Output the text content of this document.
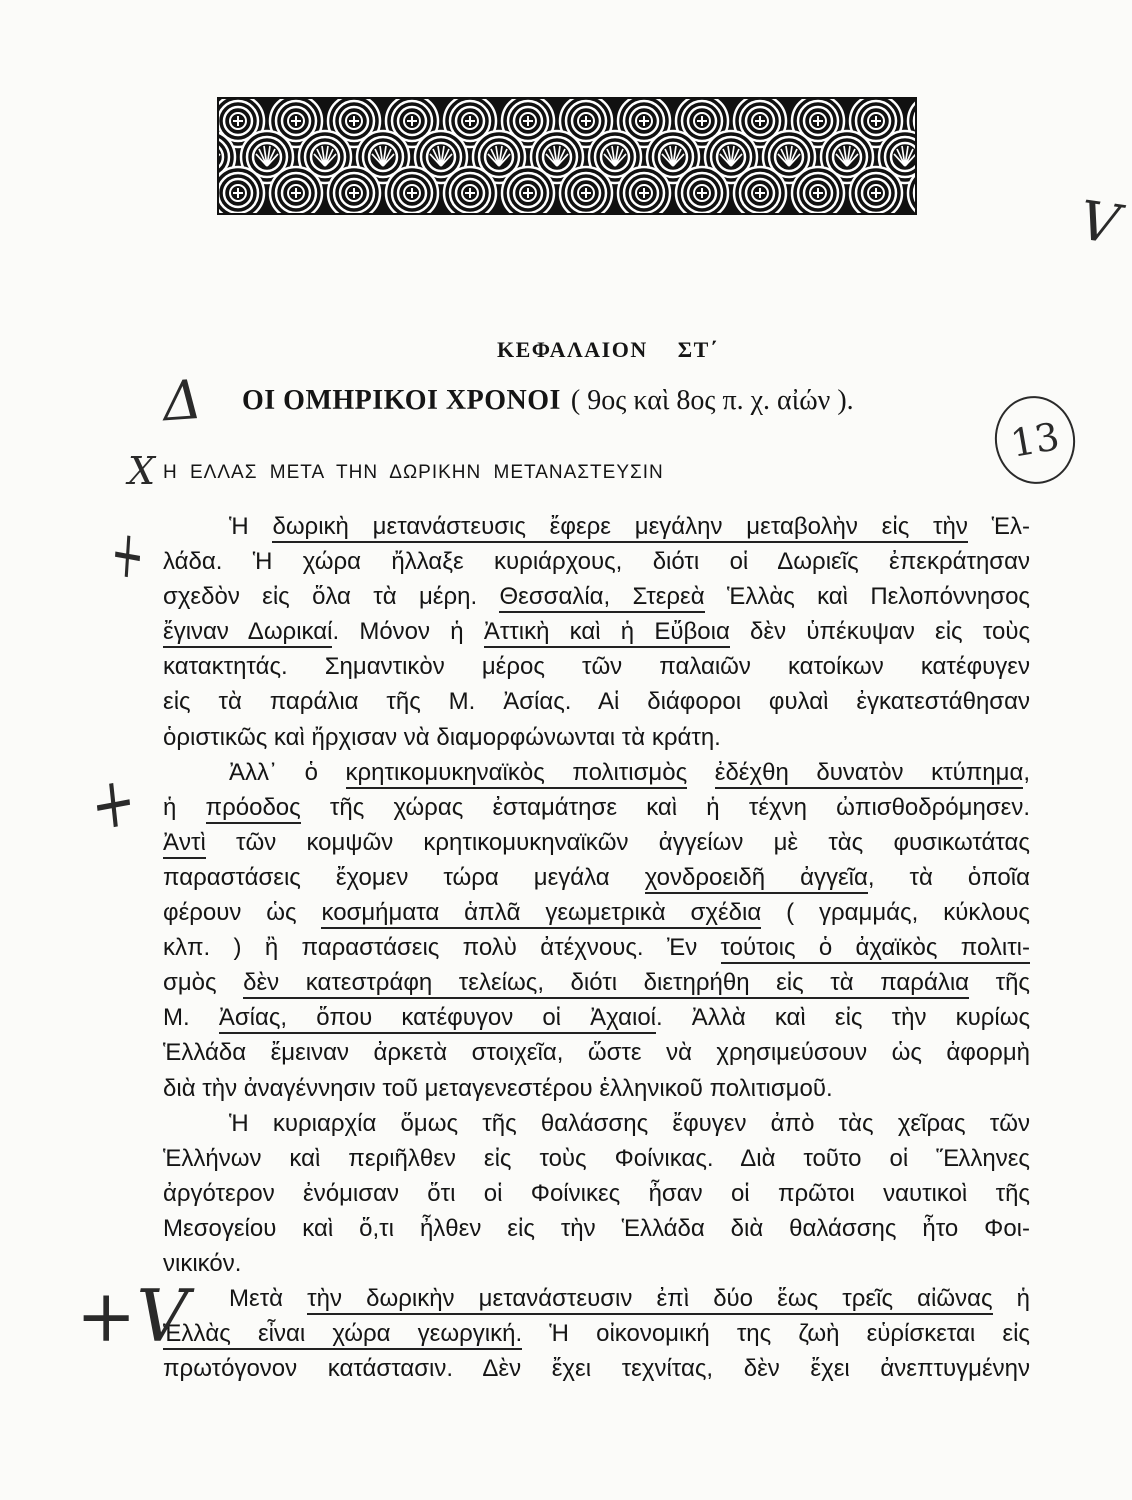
ΚΕΦΑΛΑΙΟΝ ΣΤ΄
ΟΙ ΟΜΗΡΙΚΟΙ ΧΡΟΝΟΙ ( 9ος καὶ 8ος π. χ. αἰών ).
Η ΕΛΛΑΣ ΜΕΤΑ ΤΗΝ ΔΩΡΙΚΗΝ ΜΕΤΑΝΑΣΤΕΥΣΙΝ
Ἡ δωρικὴ μετανάστευσις ἔφερε μεγάλην μεταβολὴν εἰς τὴν Ἑλ-
λάδα. Ἡ χώρα ἤλλαξε κυριάρχους, διότι οἱ Δωριεῖς ἐπεκράτησαν
σχεδὸν εἰς ὅλα τὰ μέρη. Θεσσαλία, Στερεὰ Ἑλλὰς καὶ Πελοπόννησος
ἔγιναν Δωρικαί. Μόνον ἡ Ἀττικὴ καὶ ἡ Εὔβοια δὲν ὑπέκυψαν εἰς τοὺς
κατακτητάς. Σημαντικὸν μέρος τῶν παλαιῶν κατοίκων κατέφυγεν
εἰς τὰ παράλια τῆς Μ. Ἀσίας. Αἱ διάφοροι φυλαὶ ἐγκατεστάθησαν
ὁριστικῶς καὶ ἤρχισαν νὰ διαμορφώνωνται τὰ κράτη.
Ἀλλ᾿ ὁ κρητικομυκηναϊκὸς πολιτισμὸς ἐδέχθη δυνατὸν κτύπημα,
ἡ πρόοδος τῆς χώρας ἐσταμάτησε καὶ ἡ τέχνη ὠπισθοδρόμησεν.
Ἀντὶ τῶν κομψῶν κρητικομυκηναϊκῶν ἀγγείων μὲ τὰς φυσικωτάτας
παραστάσεις ἔχομεν τώρα μεγάλα χονδροειδῆ ἀγγεῖα, τὰ ὁποῖα
φέρουν ὡς κοσμήματα ἁπλᾶ γεωμετρικὰ σχέδια ( γραμμάς, κύκλους
κλπ. ) ἢ παραστάσεις πολὺ ἀτέχνους. Ἐν τούτοις ὁ ἀχαϊκὸς πολιτι-
σμὸς δὲν κατεστράφη τελείως, διότι διετηρήθη εἰς τὰ παράλια τῆς
Μ. Ἀσίας, ὅπου κατέφυγον οἱ Ἀχαιοί. Ἀλλὰ καὶ εἰς τὴν κυρίως
Ἑλλάδα ἔμειναν ἀρκετὰ στοιχεῖα, ὥστε νὰ χρησιμεύσουν ὡς ἀφορμὴ
διὰ τὴν ἀναγέννησιν τοῦ μεταγενεστέρου ἑλληνικοῦ πολιτισμοῦ.
Ἡ κυριαρχία ὅμως τῆς θαλάσσης ἔφυγεν ἀπὸ τὰς χεῖρας τῶν
Ἑλλήνων καὶ περιῆλθεν εἰς τοὺς Φοίνικας. Διὰ τοῦτο οἱ Ἕλληνες
ἀργότερον ἐνόμισαν ὅτι οἱ Φοίνικες ἦσαν οἱ πρῶτοι ναυτικοὶ τῆς
Μεσογείου καὶ ὅ,τι ἦλθεν εἰς τὴν Ἑλλάδα διὰ θαλάσσης ἦτο Φοι-
νικικόν.
Μετὰ τὴν δωρικὴν μετανάστευσιν ἐπὶ δύο ἕως τρεῖς αἰῶνας ἡ
Ἑλλὰς εἶναι χώρα γεωργική. Ἡ οἰκονομική της ζωὴ εὑρίσκεται εἰς
πρωτόγονον κατάστασιν. Δὲν ἔχει τεχνίτας, δὲν ἔχει ἀνεπτυγμένην
Δ
13
X
+
+
+V
V
